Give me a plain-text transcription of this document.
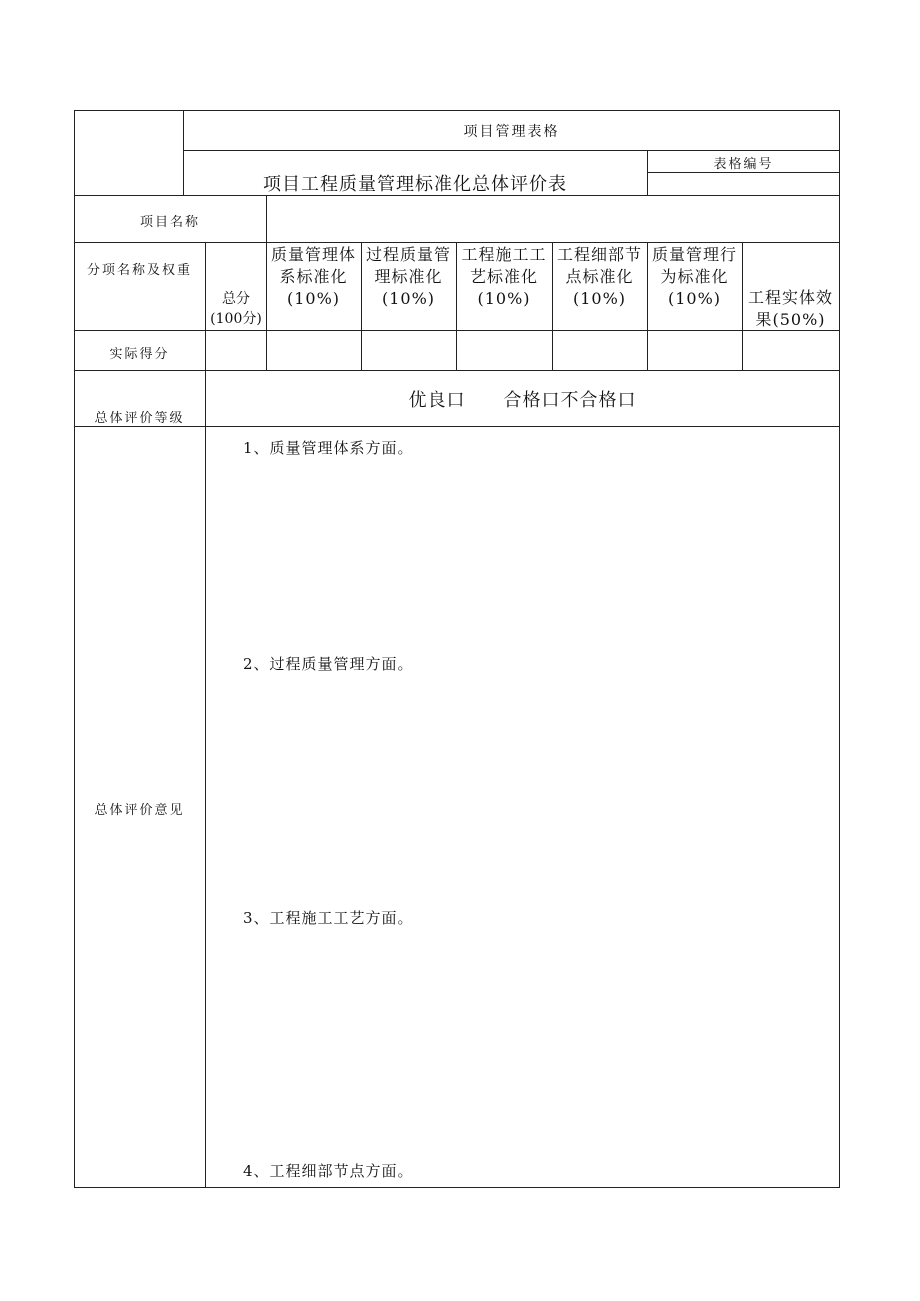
项目管理表格
表格编号
项目工程质量管理标准化总体评价表
项目名称
分项名称及权重
总分(100分)
质量管理体系标准化(10%)
过程质量管理标准化(10%)
工程施工工艺标准化(10%)
工程细部节点标准化(10%)
质量管理行为标准化(10%)	工程实体效果(50%)
实际得分
总体评价等级
优良口　　合格口不合格口
总体评价意见
1、质量管理体系方面。
2、过程质量管理方面。
3、工程施工工艺方面。
4、工程细部节点方面。
